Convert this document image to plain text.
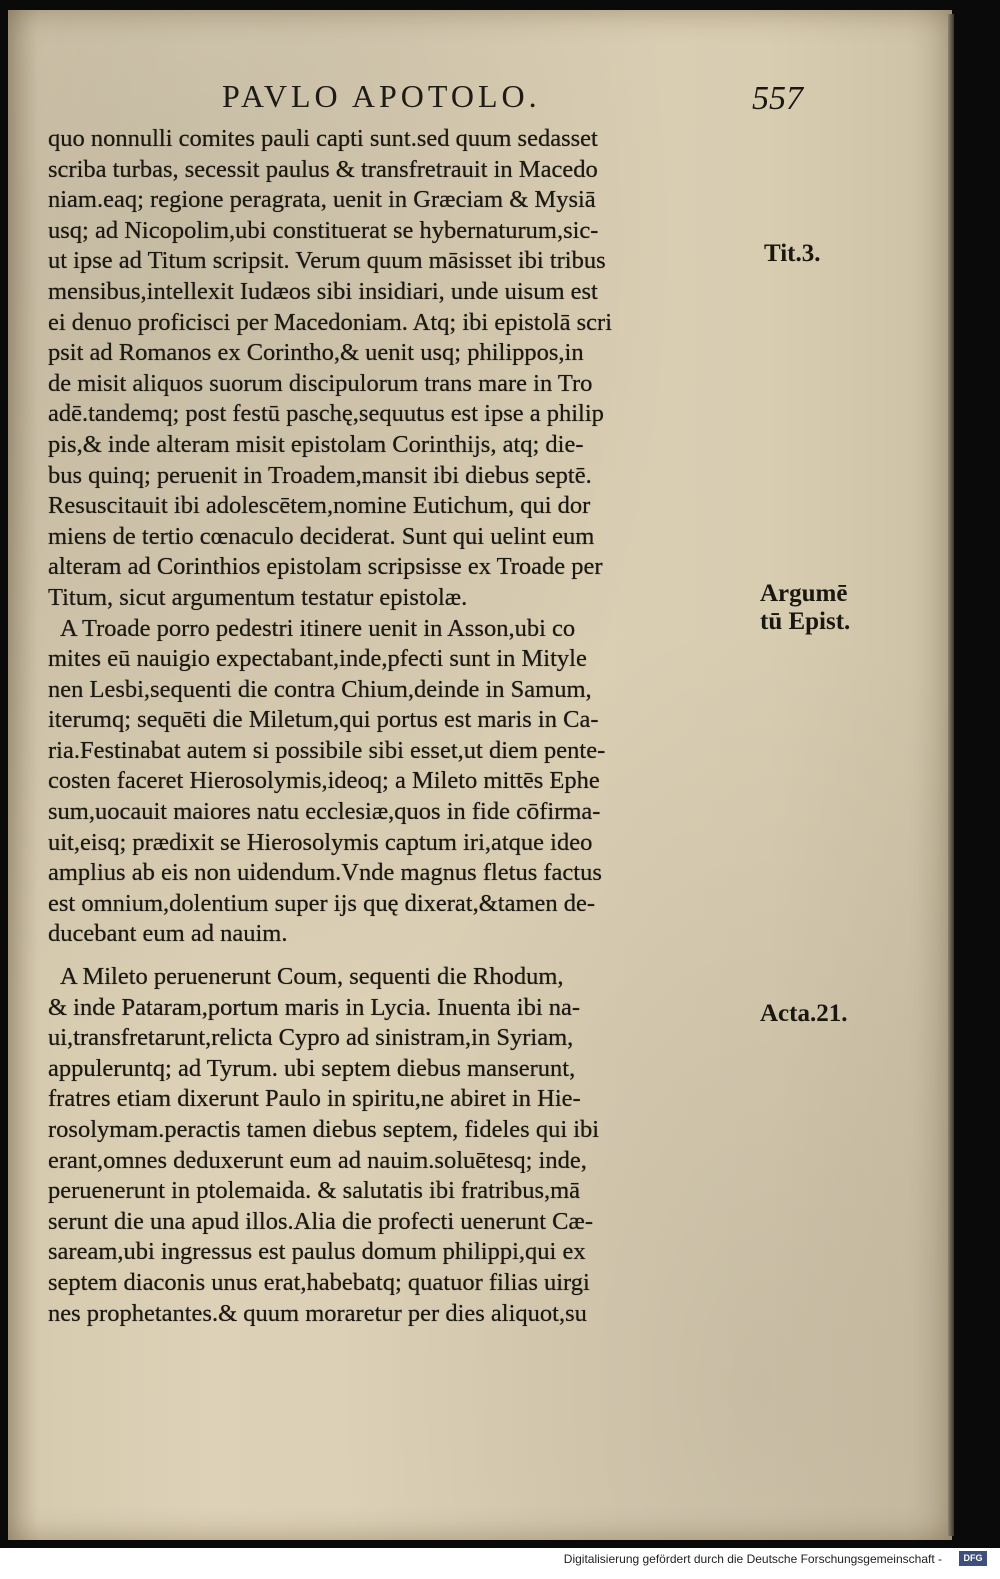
PAVLO APOTOLO.	557
quo nonnulli comites pauli capti sunt.sed quum sedasset
scriba turbas, secessit paulus & transfretrauit in Macedo
niam.eaq; regione peragrata, uenit in Græciam & Mysiā
usq; ad Nicopolim,ubi constituerat se hybernaturum,sic-
ut ipse ad Titum scripsit. Verum quum māsisset ibi tribus
mensibus,intellexit Iudæos sibi insidiari, unde uisum est
ei denuo proficisci per Macedoniam. Atq; ibi epistolā scri
psit ad Romanos ex Corintho,& uenit usq; philippos,in
de misit aliquos suorum discipulorum trans mare in Tro
adē.tandemq; post festū paschę,sequutus est ipse a philip
pis,& inde alteram misit epistolam Corinthijs, atq; die-
bus quinq; peruenit in Troadem,mansit ibi diebus septē.
Resuscitauit ibi adolescētem,nomine Eutichum, qui dor
miens de tertio cœnaculo deciderat. Sunt qui uelint eum
alteram ad Corinthios epistolam scripsisse ex Troade per
Titum, sicut argumentum testatur epistolæ.
A Troade porro pedestri itinere uenit in Asson,ubi co
mites eū nauigio expectabant,inde,pfecti sunt in Mityle
nen Lesbi,sequenti die contra Chium,deinde in Samum,
iterumq; sequēti die Miletum,qui portus est maris in Ca-
ria.Festinabat autem si possibile sibi esset,ut diem pente-
costen faceret Hierosolymis,ideoq; a Mileto mittēs Ephe
sum,uocauit maiores natu ecclesiæ,quos in fide cōfirma-
uit,eisq; prædixit se Hierosolymis captum iri,atque ideo
amplius ab eis non uidendum.Vnde magnus fletus factus
est omnium,dolentium super ijs quę dixerat,&tamen de-
ducebant eum ad nauim.
A Mileto peruenerunt Coum, sequenti die Rhodum,
& inde Pataram,portum maris in Lycia. Inuenta ibi na-
ui,transfretarunt,relicta Cypro ad sinistram,in Syriam,
appuleruntq; ad Tyrum. ubi septem diebus manserunt,
fratres etiam dixerunt Paulo in spiritu,ne abiret in Hie-
rosolymam.peractis tamen diebus septem, fideles qui ibi
erant,omnes deduxerunt eum ad nauim.soluētesq; inde,
peruenerunt in ptolemaida. & salutatis ibi fratribus,mā
serunt die una apud illos.Alia die profecti uenerunt Cæ-
saream,ubi ingressus est paulus domum philippi,qui ex
septem diaconis unus erat,habebatq; quatuor filias uirgi
nes prophetantes.& quum moraretur per dies aliquot,su
Tit.3.
Argumē
tū Epist.
Acta.21.
Digitalisierung gefördert durch die Deutsche Forschungsgemeinschaft -	DFG
